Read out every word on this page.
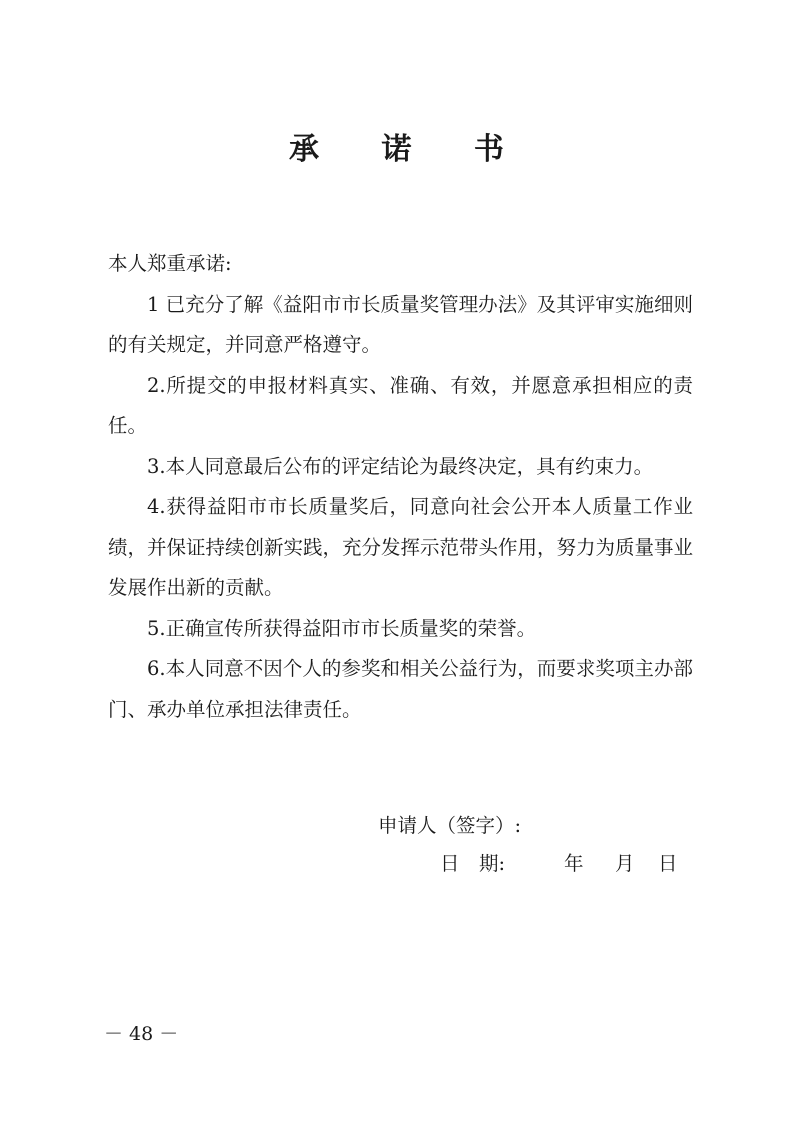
承 诺 书

本人郑重承诺:

1 已充分了解《益阳市市长质量奖管理办法》及其评审实施细则的有关规定，并同意严格遵守。

2.所提交的申报材料真实、准确、有效，并愿意承担相应的责任。

3.本人同意最后公布的评定结论为最终决定，具有约束力。

4.获得益阳市市长质量奖后，同意向社会公开本人质量工作业绩，并保证持续创新实践，充分发挥示范带头作用，努力为质量事业发展作出新的贡献。

5.正确宣传所获得益阳市市长质量奖的荣誉。

6.本人同意不因个人的参奖和相关公益行为，而要求奖项主办部门、承办单位承担法律责任。

申请人（签字）:

日　期:	年 月 日

－ 48 －
